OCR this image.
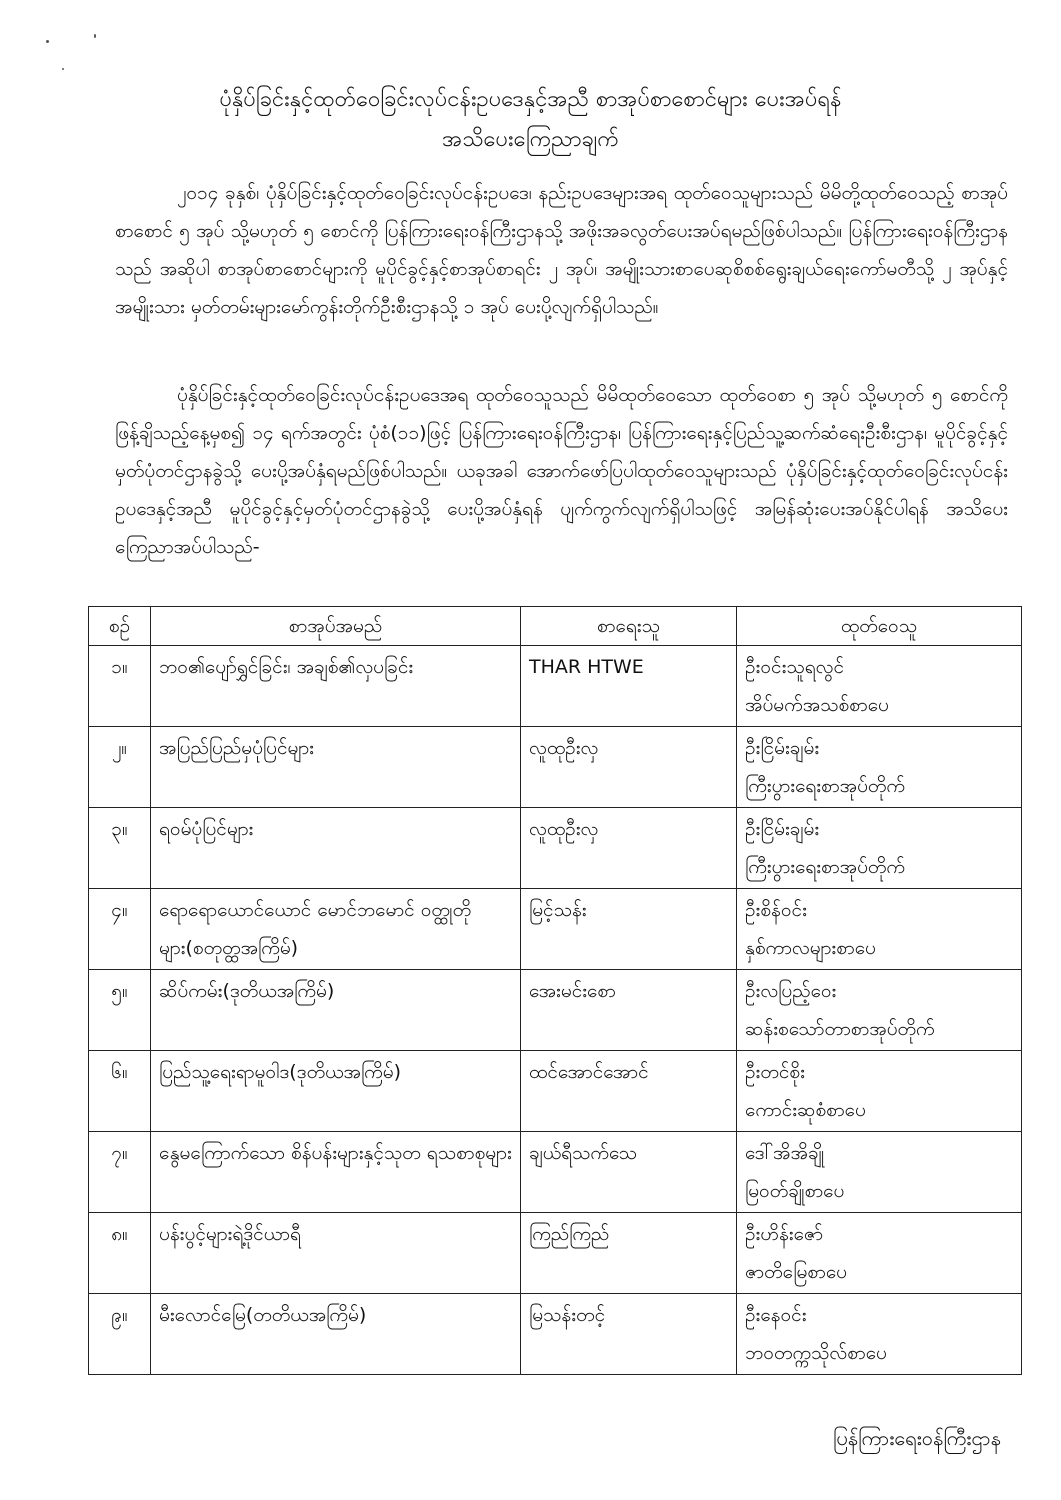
ပုံနှိပ်ခြင်းနှင့်ထုတ်ဝေခြင်းလုပ်ငန်းဥပဒေနှင့်အညီ စာအုပ်စာစောင်များ ပေးအပ်ရန်
အသိပေးကြေညာချက်

၂၀၁၄ ခုနှစ်၊ ပုံနှိပ်ခြင်းနှင့်ထုတ်ဝေခြင်းလုပ်ငန်းဥပဒေ၊ နည်းဥပဒေများအရ ထုတ်ဝေသူများသည် မိမိတို့ထုတ်ဝေသည့် စာအုပ်စာစောင် ၅ အုပ် သို့မဟုတ် ၅ စောင်ကို ပြန်ကြားရေးဝန်ကြီးဌာနသို့ အဖိုးအခလွတ်ပေးအပ်ရမည်ဖြစ်ပါသည်။ ပြန်ကြားရေးဝန်ကြီးဌာနသည် အဆိုပါ စာအုပ်စာစောင်များကို မူပိုင်ခွင့်နှင့်စာအုပ်စာရင်း ၂ အုပ်၊ အမျိုးသားစာပေဆုစိစစ်ရွေးချယ်ရေးကော်မတီသို့ ၂ အုပ်နှင့် အမျိုးသား မှတ်တမ်းများမော်ကွန်းတိုက်ဦးစီးဌာနသို့ ၁ အုပ် ပေးပို့လျက်ရှိပါသည်။

ပုံနှိပ်ခြင်းနှင့်ထုတ်ဝေခြင်းလုပ်ငန်းဥပဒေအရ ထုတ်ဝေသူသည် မိမိထုတ်ဝေသော ထုတ်ဝေစာ ၅ အုပ် သို့မဟုတ် ၅ စောင်ကို ဖြန့်ချိသည့်နေ့မှစ၍ ၁၄ ရက်အတွင်း ပုံစံ(၁၁)ဖြင့် ပြန်ကြားရေးဝန်ကြီးဌာန၊ ပြန်ကြားရေးနှင့်ပြည်သူ့ဆက်ဆံရေးဦးစီးဌာန၊ မူပိုင်ခွင့်နှင့်မှတ်ပုံတင်ဌာနခွဲသို့ ပေးပို့အပ်နှံရမည်ဖြစ်ပါသည်။ ယခုအခါ အောက်ဖော်ပြပါထုတ်ဝေသူများသည် ပုံနှိပ်ခြင်းနှင့်ထုတ်ဝေခြင်းလုပ်ငန်းဥပဒေနှင့်အညီ မူပိုင်ခွင့်နှင့်မှတ်ပုံတင်ဌာနခွဲသို့ ပေးပို့အပ်နှံရန် ပျက်ကွက်လျက်ရှိပါသဖြင့် အမြန်ဆုံးပေးအပ်နိုင်ပါရန် အသိပေးကြေညာအပ်ပါသည်-

စဉ်	စာအုပ်အမည်	စာရေးသူ	ထုတ်ဝေသူ
၁။	ဘဝ၏ပျော်ရွှင်ခြင်း၊ အချစ်၏လှပခြင်း	THAR HTWE	ဦးဝင်းသူရလွင်
အိပ်မက်အသစ်စာပေ

၂။	အပြည်ပြည်မှပုံပြင်များ	လူထုဦးလှ	ဦးငြိမ်းချမ်း
ကြီးပွားရေးစာအုပ်တိုက်

၃။	ရဝမ်ပုံပြင်များ	လူထုဦးလှ	ဦးငြိမ်းချမ်း
ကြီးပွားရေးစာအုပ်တိုက်

၄။	ရောရောယောင်ယောင် မောင်ဘမောင် ဝတ္ထုတိုများ(စတုတ္ထအကြိမ်)	မြင့်သန်း	ဦးစိန်ဝင်း
နှစ်ကာလများစာပေ

၅။	ဆိပ်ကမ်း(ဒုတိယအကြိမ်)	အေးမင်းစော	ဦးလပြည့်ဝေး
ဆန်းစသော်တာစာအုပ်တိုက်

၆။	ပြည်သူ့ရေးရာမူဝါဒ(ဒုတိယအကြိမ်)	ထင်အောင်အောင်	ဦးတင်စိုး
ကောင်းဆုစံစာပေ

၇။	နွေမကြောက်သော စိန်ပန်းများနှင့်သုတ ရသစာစုများ	ချယ်ရီသက်သေ	ဒေါ်အိအိချို
မြဝတ်ချိုစာပေ

၈။	ပန်းပွင့်များရဲ့ဒိုင်ယာရီ	ကြည်ကြည်	ဦးဟိန်းဇော်
ဇာတိမြေစာပေ

၉။	မီးလောင်မြေ(တတိယအကြိမ်)	မြသန်းတင့်	ဦးနေဝင်း
ဘဝတက္ကသိုလ်စာပေ
ပြန်ကြားရေးဝန်ကြီးဌာန
